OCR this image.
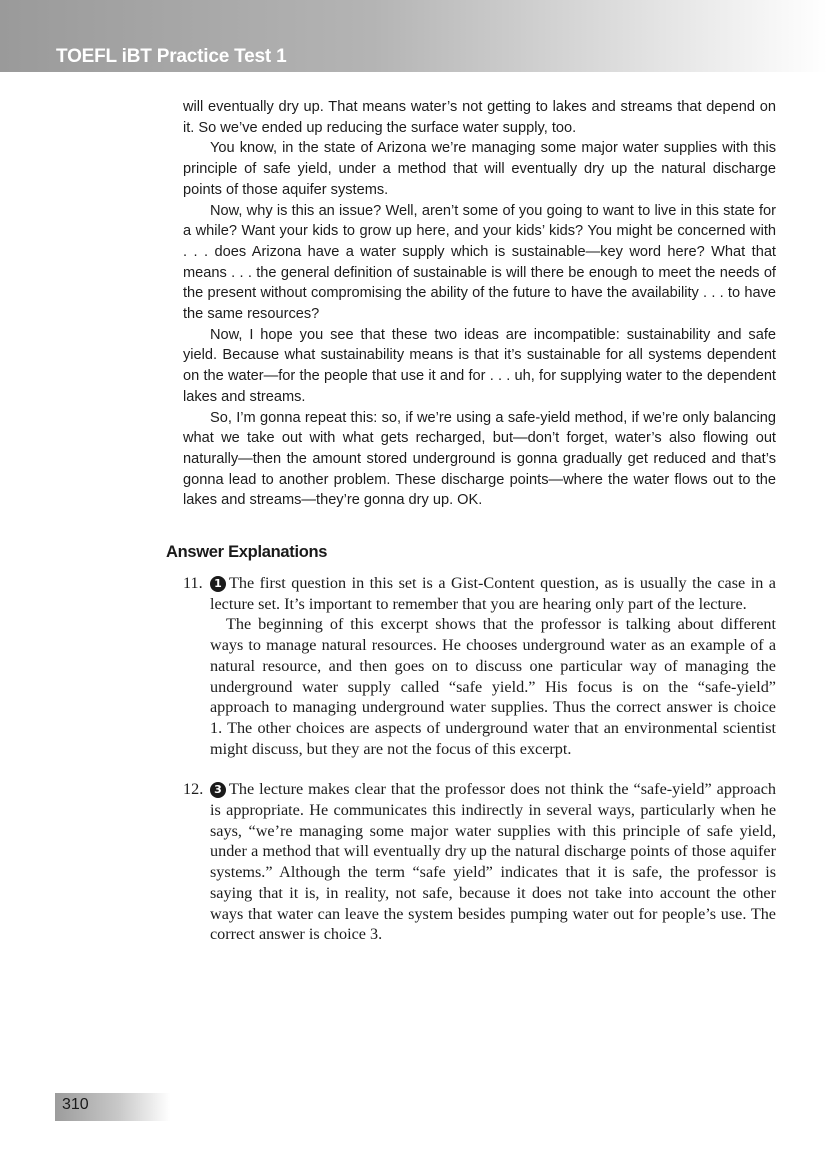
TOEFL iBT Practice Test 1

will eventually dry up. That means water’s not getting to lakes and streams that depend on it. So we’ve ended up reducing the surface water supply, too.

You know, in the state of Arizona we’re managing some major water supplies with this principle of safe yield, under a method that will eventually dry up the natural discharge points of those aquifer systems.

Now, why is this an issue? Well, aren’t some of you going to want to live in this state for a while? Want your kids to grow up here, and your kids’ kids? You might be concerned with . . . does Arizona have a water supply which is sustainable—key word here? What that means . . . the general definition of sustainable is will there be enough to meet the needs of the present without compromising the ability of the future to have the availability . . . to have the same resources?

Now, I hope you see that these two ideas are incompatible: sustainability and safe yield. Because what sustainability means is that it’s sustainable for all systems dependent on the water—for the people that use it and for . . . uh, for supplying water to the dependent lakes and streams.

So, I’m gonna repeat this: so, if we’re using a safe-yield method, if we’re only balancing what we take out with what gets recharged, but—don’t forget, water’s also flowing out naturally—then the amount stored underground is gonna gradually get reduced and that’s gonna lead to another problem. These discharge points—where the water flows out to the lakes and streams—they’re gonna dry up. OK.

Answer Explanations
11.	1 The first question in this set is a Gist-Content question, as is usually the case in a lecture set. It’s important to remember that you are hearing only part of the lecture.

The beginning of this excerpt shows that the professor is talking about different ways to manage natural resources. He chooses underground water as an example of a natural resource, and then goes on to discuss one particular way of managing the underground water supply called “safe yield.” His focus is on the “safe-yield” approach to managing underground water supplies. Thus the correct answer is choice 1. The other choices are aspects of underground water that an environmental scientist might discuss, but they are not the focus of this excerpt.

12. 3 The lecture makes clear that the professor does not think the “safe-yield” approach is appropriate. He communicates this indirectly in several ways, particularly when he says, “we’re managing some major water supplies with this principle of safe yield, under a method that will eventually dry up the natural discharge points of those aquifer systems.” Although the term “safe yield” indicates that it is safe, the professor is saying that it is, in reality, not safe, because it does not take into account the other ways that water can leave the system besides pumping water out for people’s use. The correct answer is choice 3.

310
